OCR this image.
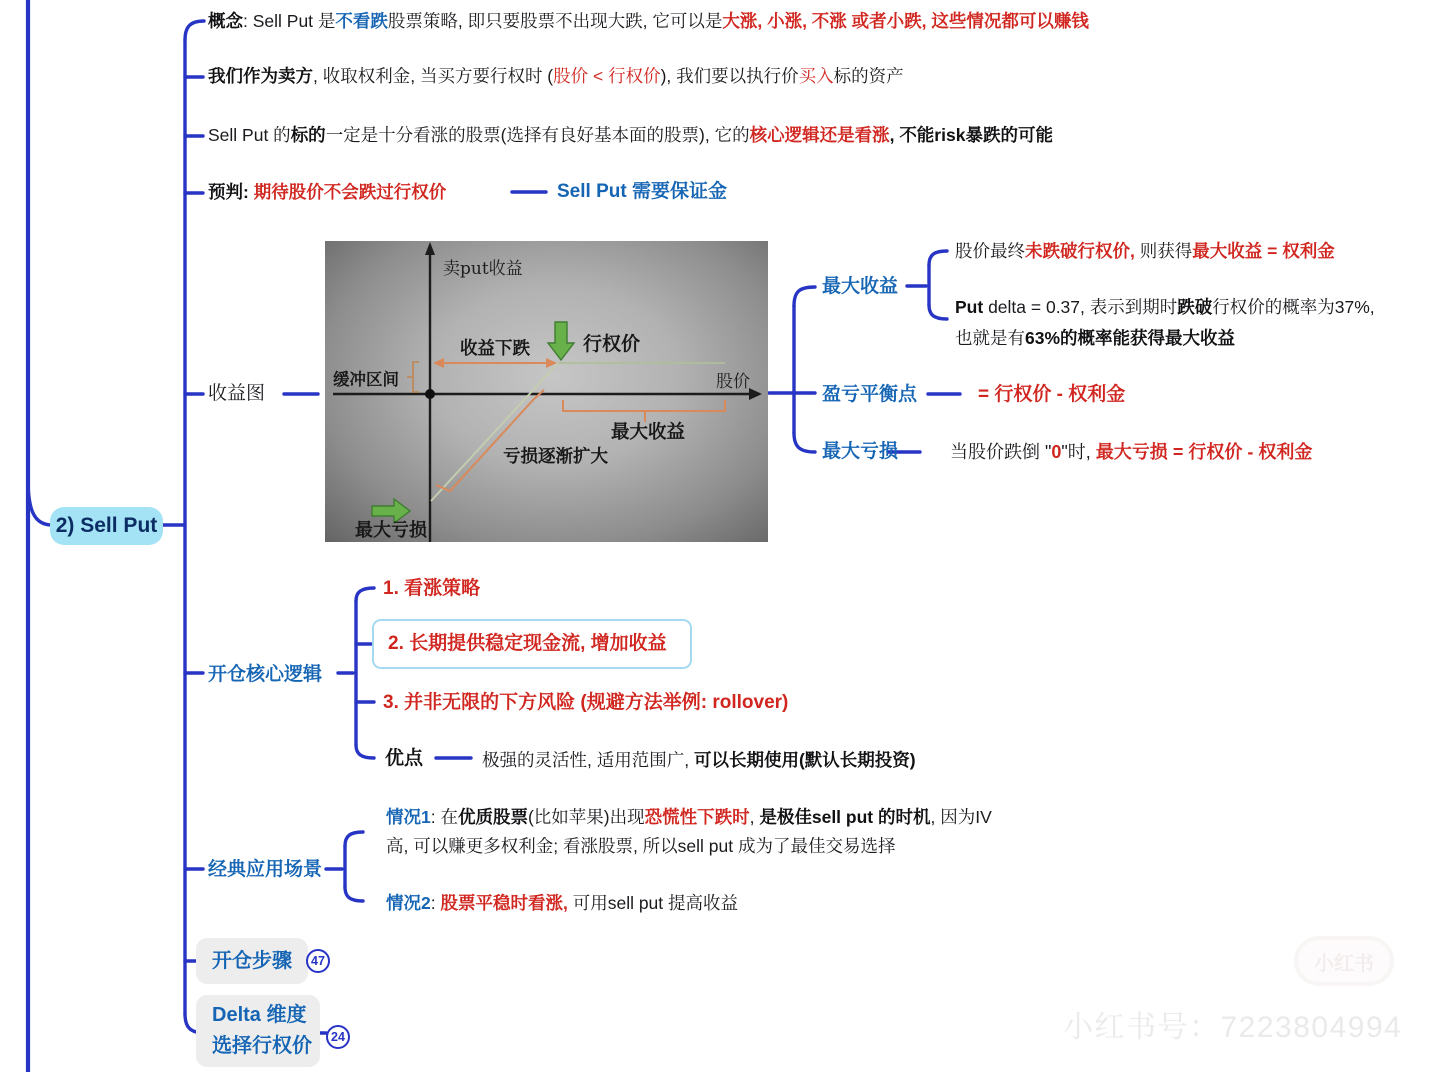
2) Sell Put
概念: Sell Put 是不看跌股票策略, 即只要股票不出现大跌, 它可以是大涨, 小涨, 不涨 或者小跌, 这些情况都可以赚钱
我们作为卖方, 收取权利金, 当买方要行权时 (股价 < 行权价), 我们要以执行价买入标的资产
Sell Put 的标的一定是十分看涨的股票(选择有良好基本面的股票), 它的核心逻辑还是看涨, 不能risk暴跌的可能
预判: 期待股价不会跌过行权价	Sell Put 需要保证金
收益图
卖put收益
股价
收益下跌	行权价
缓冲区间
最大收益
亏损逐渐扩大
最大亏损
最大收益
股价最终未跌破行权价, 则获得最大收益 = 权利金
Put delta = 0.37, 表示到期时跌破行权价的概率为37%,
也就是有63%的概率能获得最大收益
盈亏平衡点	= 行权价 - 权利金
最大亏损	当股价跌倒 "0"时, 最大亏损 = 行权价 - 权利金
开仓核心逻辑
1. 看涨策略
2. 长期提供稳定现金流, 增加收益
3. 并非无限的下方风险 (规避方法举例: rollover)
优点	极强的灵活性, 适用范围广, 可以长期使用(默认长期投资)
经典应用场景
情况1: 在优质股票(比如苹果)出现恐慌性下跌时, 是极佳sell put 的时机, 因为IV
高, 可以赚更多权利金; 看涨股票, 所以sell put 成为了最佳交易选择
情况2: 股票平稳时看涨, 可用sell put 提高收益
开仓步骤	47
Delta 维度
选择行权价	24
小红书
小红书号：7223804994
